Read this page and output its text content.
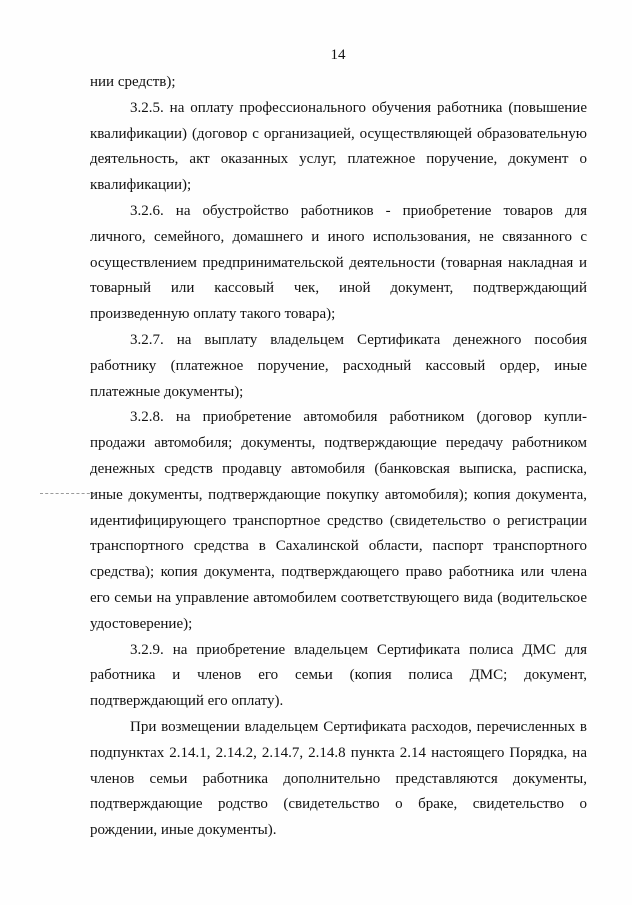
14

нии средств);

3.2.5. на оплату профессионального обучения работника (повышение квалификации) (договор с организацией, осуществляющей образовательную деятельность, акт оказанных услуг, платежное поручение, документ о квалификации);

3.2.6. на обустройство работников - приобретение товаров для личного, семейного, домашнего и иного использования, не связанного с осуществлением предпринимательской деятельности (товарная накладная и товарный или кассовый чек, иной документ, подтверждающий произведенную оплату такого товара);

3.2.7. на выплату владельцем Сертификата денежного пособия работнику (платежное поручение, расходный кассовый ордер, иные платежные документы);

3.2.8. на приобретение автомобиля работником (договор купли-продажи автомобиля; документы, подтверждающие передачу работником денежных средств продавцу автомобиля (банковская выписка, расписка, иные документы, подтверждающие покупку автомобиля); копия документа, идентифицирующего транспортное средство (свидетельство о регистрации транспортного средства в Сахалинской области, паспорт транспортного средства); копия документа, подтверждающего право работника или члена его семьи на управление автомобилем соответствующего вида (водительское удостоверение);

3.2.9. на приобретение владельцем Сертификата полиса ДМС для работника и членов его семьи (копия полиса ДМС; документ, подтверждающий его оплату).

При возмещении владельцем Сертификата расходов, перечисленных в подпунктах 2.14.1, 2.14.2, 2.14.7, 2.14.8 пункта 2.14 настоящего Порядка, на членов семьи работника дополнительно представляются документы, подтверждающие родство (свидетельство о браке, свидетельство о рождении, иные документы).
